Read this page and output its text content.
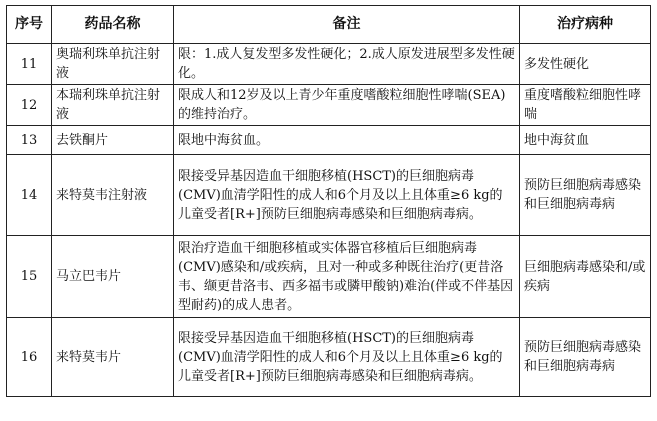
序号	药品名称	备注	治疗病种
11	奥瑞利珠单抗注射液	限：1.成人复发型多发性硬化；2.成人原发进展型多发性硬化。	多发性硬化
12	本瑞利珠单抗注射液	限成人和12岁及以上青少年重度嗜酸粒细胞性哮喘(SEA)的维持治疗。	重度嗜酸粒细胞性哮喘
13	去铁酮片	限地中海贫血。	地中海贫血
14	来特莫韦注射液	限接受异基因造血干细胞移植(HSCT)的巨细胞病毒(CMV)血清学阳性的成人和6个月及以上且体重≥6 kg的儿童受者[R+]预防巨细胞病毒感染和巨细胞病毒病。	预防巨细胞病毒感染和巨细胞病毒病
15	马立巴韦片	限治疗造血干细胞移植或实体器官移植后巨细胞病毒(CMV)感染和/或疾病，且对一种或多种既往治疗(更昔洛韦、缬更昔洛韦、西多福韦或膦甲酸钠)难治(伴或不伴基因型耐药)的成人患者。	巨细胞病毒感染和/或疾病
16	来特莫韦片	限接受异基因造血干细胞移植(HSCT)的巨细胞病毒(CMV)血清学阳性的成人和6个月及以上且体重≥6 kg的儿童受者[R+]预防巨细胞病毒感染和巨细胞病毒病。	预防巨细胞病毒感染和巨细胞病毒病
